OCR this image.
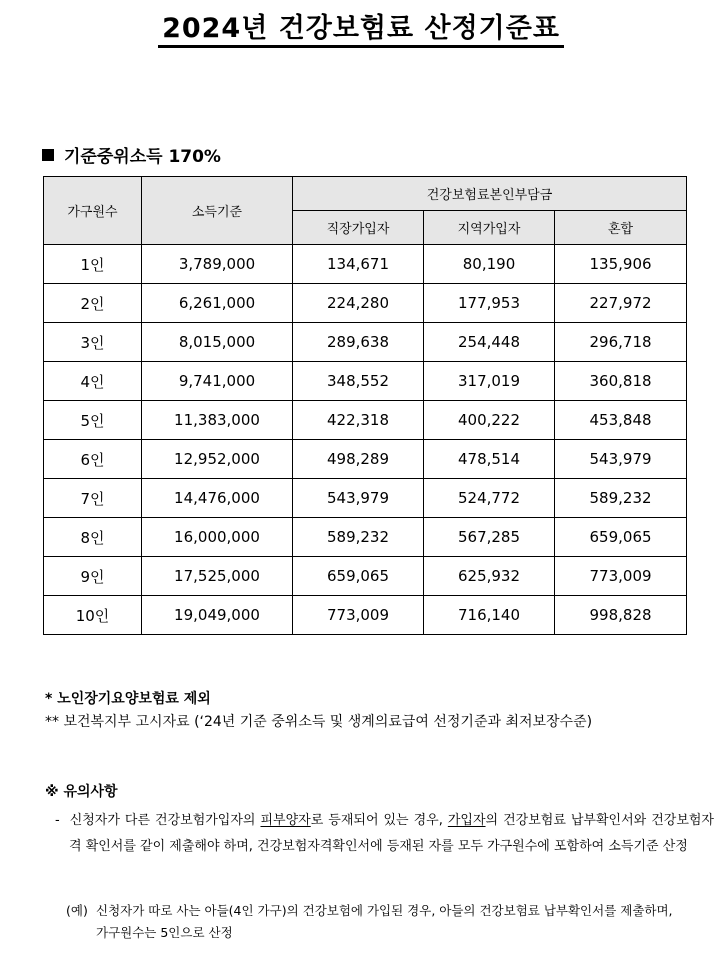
2024년 건강보험료 산정기준표
기준중위소득 170%
가구원수	소득기준	건강보험료본인부담금		
		직장가입자	지역가입자	혼합
1인	3,789,000	134,671	80,190	135,906
2인	6,261,000	224,280	177,953	227,972
3인	8,015,000	289,638	254,448	296,718
4인	9,741,000	348,552	317,019	360,818
5인	11,383,000	422,318	400,222	453,848
6인	12,952,000	498,289	478,514	543,979
7인	14,476,000	543,979	524,772	589,232
8인	16,000,000	589,232	567,285	659,065
9인	17,525,000	659,065	625,932	773,009
10인	19,049,000	773,009	716,140	998,828
* 노인장기요양보험료 제외
** 보건복지부 고시자료 (‘24년 기준 중위소득 및 생계의료급여 선정기준과 최저보장수준)
※ 유의사항
- 신청자가 다른 건강보험가입자의 피부양자로 등재되어 있는 경우, 가입자의 건강보험료 납부확인서와 건강보험자격 확인서를 같이 제출해야 하며, 건강보험자격확인서에 등재된 자를 모두 가구원수에 포함하여 소득기준 산정
(예) 신청자가 따로 사는 아들(4인 가구)의 건강보험에 가입된 경우, 아들의 건강보험료 납부확인서를 제출하며,
가구원수는 5인으로 산정
